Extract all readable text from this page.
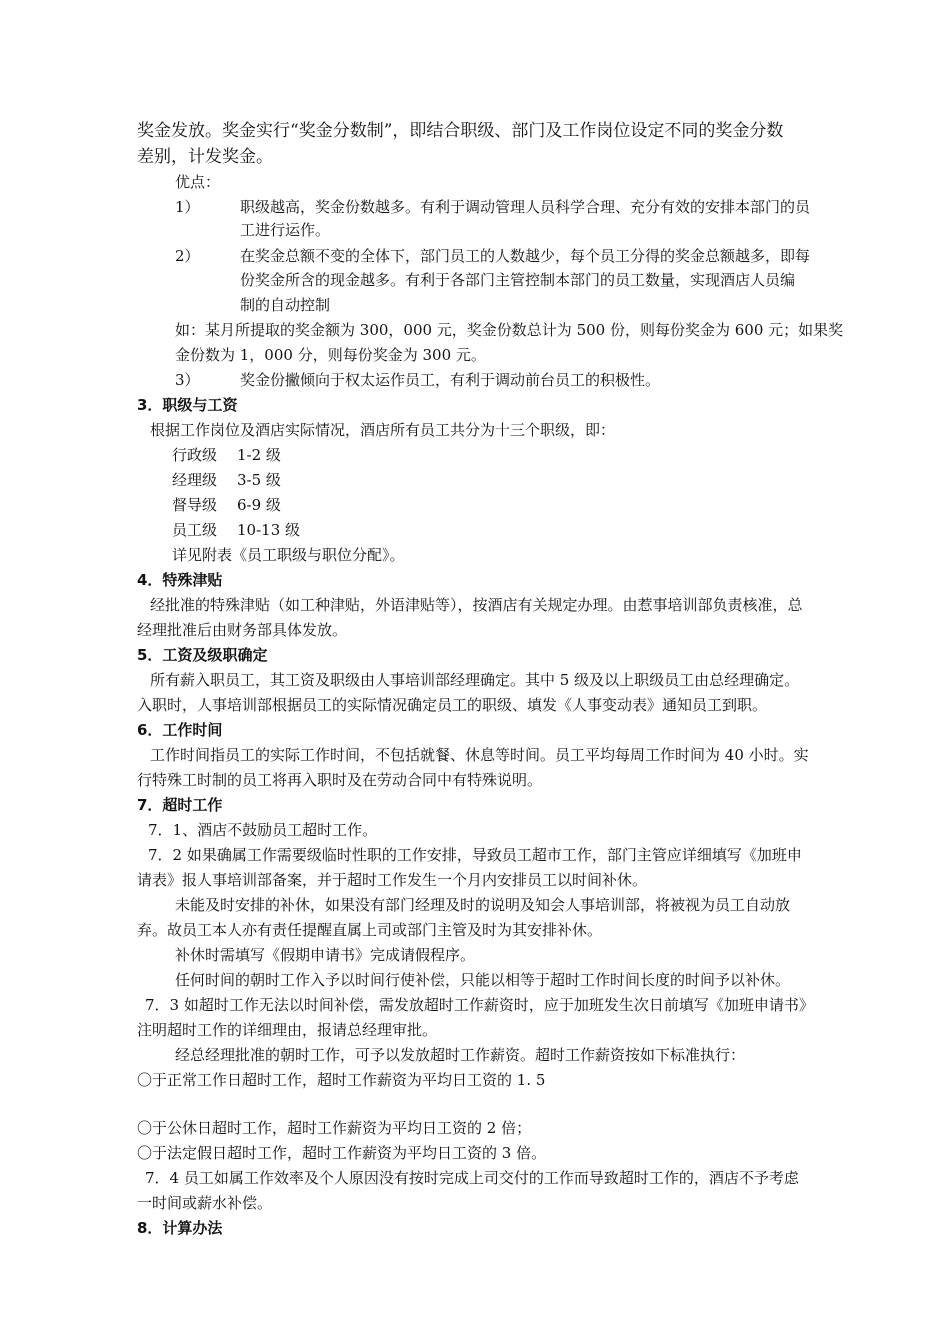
奖金发放。奖金实行“奖金分数制”，即结合职级、部门及工作岗位设定不同的奖金分数
差别，计发奖金。
优点：
1）	职级越高，奖金份数越多。有利于调动管理人员科学合理、充分有效的安排本部门的员
工进行运作。
2）	在奖金总额不变的全体下，部门员工的人数越少，每个员工分得的奖金总额越多，即每
份奖金所含的现金越多。有利于各部门主管控制本部门的员工数量，实现酒店人员编
制的自动控制
如：某月所提取的奖金额为 300，000 元，奖金份数总计为 500 份，则每份奖金为 600 元；如果奖
金份数为 1，000 分，则每份奖金为 300 元。
3）	奖金份撇倾向于权太运作员工，有利于调动前台员工的积极性。
3．职级与工资
根据工作岗位及酒店实际情况，酒店所有员工共分为十三个职级，即：
行政级 1-2 级
经理级 3-5 级
督导级 6-9 级
员工级 10-13 级
详见附表《员工职级与职位分配》。
4．特殊津贴
经批准的特殊津贴（如工种津贴，外语津贴等），按酒店有关规定办理。由惹事培训部负责核准，总
经理批准后由财务部具体发放。
5．工资及级职确定
所有薪入职员工，其工资及职级由人事培训部经理确定。其中 5 级及以上职级员工由总经理确定。
入职时，人事培训部根据员工的实际情况确定员工的职级、填发《人事变动表》通知员工到职。
6．工作时间
工作时间指员工的实际工作时间，不包括就餐、休息等时间。员工平均每周工作时间为 40 小时。实
行特殊工时制的员工将再入职时及在劳动合同中有特殊说明。
7．超时工作
7．1、酒店不鼓励员工超时工作。
7．2 如果确属工作需要级临时性职的工作安排，导致员工超市工作，部门主管应详细填写《加班申
请表》报人事培训部备案，并于超时工作发生一个月内安排员工以时间补休。
未能及时安排的补休，如果没有部门经理及时的说明及知会人事培训部，将被视为员工自动放
弃。故员工本人亦有责任提醒直属上司或部门主管及时为其安排补休。
补休时需填写《假期申请书》完成请假程序。
任何时间的朝时工作入予以时间行使补偿，只能以相等于超时工作时间长度的时间予以补休。
7．3 如超时工作无法以时间补偿，需发放超时工作薪资时，应于加班发生次日前填写《加班申请书》
注明超时工作的详细理由，报请总经理审批。
经总经理批准的朝时工作，可予以发放超时工作薪资。超时工作薪资按如下标准执行：
〇于正常工作日超时工作，超时工作薪资为平均日工资的 1. 5
〇于公休日超时工作，超时工作薪资为平均日工资的 2 倍；
〇于法定假日超时工作，超时工作薪资为平均日工资的 3 倍。
7．4 员工如属工作效率及个人原因没有按时完成上司交付的工作而导致超时工作的，酒店不予考虑
一时间或薪水补偿。
8．计算办法
